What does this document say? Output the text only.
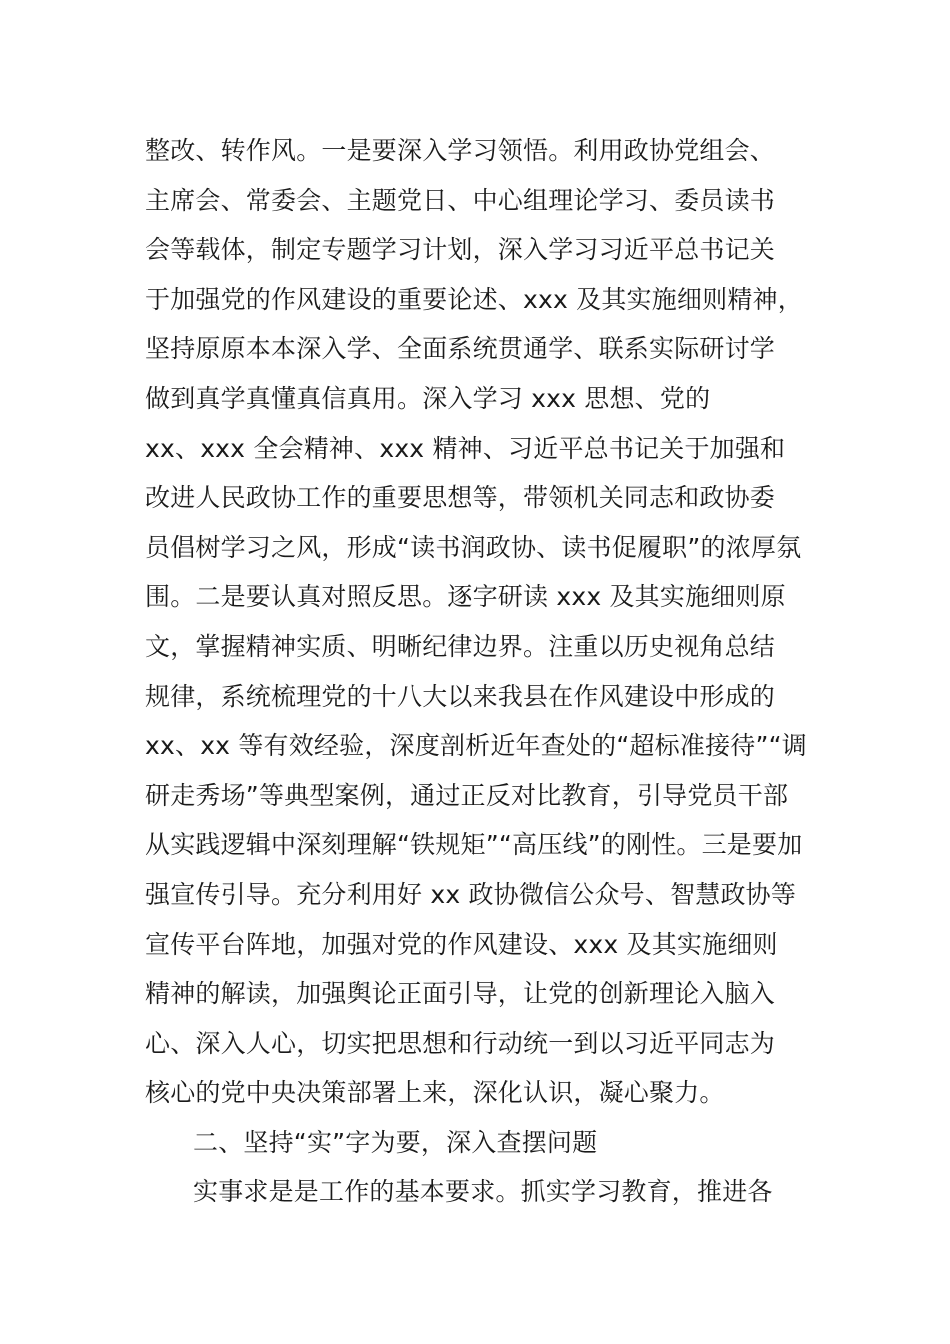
整改、转作风。一是要深入学习领悟。利用政协党组会、
主席会、常委会、主题党日、中心组理论学习、委员读书
会等载体，制定专题学习计划，深入学习习近平总书记关
于加强党的作风建设的重要论述、xxx 及其实施细则精神，
坚持原原本本深入学、全面系统贯通学、联系实际研讨学
做到真学真懂真信真用。深入学习 xxx 思想、党的
xx、xxx 全会精神、xxx 精神、习近平总书记关于加强和
改进人民政协工作的重要思想等，带领机关同志和政协委
员倡树学习之风，形成“读书润政协、读书促履职”的浓厚氛
围。二是要认真对照反思。逐字研读 xxx 及其实施细则原
文，掌握精神实质、明晰纪律边界。注重以历史视角总结
规律，系统梳理党的十八大以来我县在作风建设中形成的
xx、xx 等有效经验，深度剖析近年查处的“超标准接待”“调
研走秀场”等典型案例，通过正反对比教育，引导党员干部
从实践逻辑中深刻理解“铁规矩”“高压线”的刚性。三是要加
强宣传引导。充分利用好 xx 政协微信公众号、智慧政协等
宣传平台阵地，加强对党的作风建设、xxx 及其实施细则
精神的解读，加强舆论正面引导，让党的创新理论入脑入
心、深入人心，切实把思想和行动统一到以习近平同志为
核心的党中央决策部署上来，深化认识，凝心聚力。
二、坚持“实”字为要，深入查摆问题
实事求是是工作的基本要求。抓实学习教育，推进各
